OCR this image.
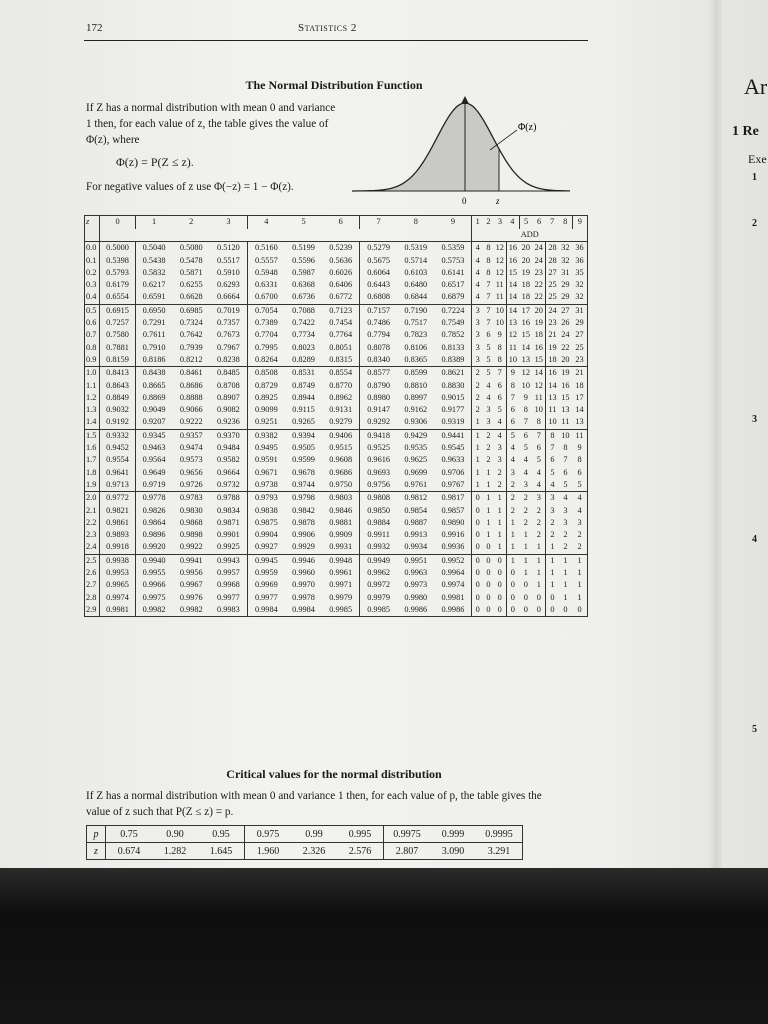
172	Statistics 2
The Normal Distribution Function
If Z has a normal distribution with mean 0 and variance 1 then, for each value of z, the table gives the value of Φ(z), where
Φ(z) = P(Z ≤ z).
For negative values of z use Φ(−z) = 1 − Φ(z).
Φ(z)
0	z
z	0	1	2	3	4	5	6	7	8	9	1	2	3	4	5	6	7	8	9
											ADD								
0.0	0.5000	0.5040	0.5080	0.5120	0.5160	0.5199	0.5239	0.5279	0.5319	0.5359	4	8	12	16	20	24	28	32	36
0.1	0.5398	0.5438	0.5478	0.5517	0.5557	0.5596	0.5636	0.5675	0.5714	0.5753	4	8	12	16	20	24	28	32	36
0.2	0.5793	0.5832	0.5871	0.5910	0.5948	0.5987	0.6026	0.6064	0.6103	0.6141	4	8	12	15	19	23	27	31	35
0.3	0.6179	0.6217	0.6255	0.6293	0.6331	0.6368	0.6406	0.6443	0.6480	0.6517	4	7	11	14	18	22	25	29	32
0.4	0.6554	0.6591	0.6628	0.6664	0.6700	0.6736	0.6772	0.6808	0.6844	0.6879	4	7	11	14	18	22	25	29	32
0.5	0.6915	0.6950	0.6985	0.7019	0.7054	0.7088	0.7123	0.7157	0.7190	0.7224	3	7	10	14	17	20	24	27	31
0.6	0.7257	0.7291	0.7324	0.7357	0.7389	0.7422	0.7454	0.7486	0.7517	0.7549	3	7	10	13	16	19	23	26	29
0.7	0.7580	0.7611	0.7642	0.7673	0.7704	0.7734	0.7764	0.7794	0.7823	0.7852	3	6	9	12	15	18	21	24	27
0.8	0.7881	0.7910	0.7939	0.7967	0.7995	0.8023	0.8051	0.8078	0.8106	0.8133	3	5	8	11	14	16	19	22	25
0.9	0.8159	0.8186	0.8212	0.8238	0.8264	0.8289	0.8315	0.8340	0.8365	0.8389	3	5	8	10	13	15	18	20	23
1.0	0.8413	0.8438	0.8461	0.8485	0.8508	0.8531	0.8554	0.8577	0.8599	0.8621	2	5	7	9	12	14	16	19	21
1.1	0.8643	0.8665	0.8686	0.8708	0.8729	0.8749	0.8770	0.8790	0.8810	0.8830	2	4	6	8	10	12	14	16	18
1.2	0.8849	0.8869	0.8888	0.8907	0.8925	0.8944	0.8962	0.8980	0.8997	0.9015	2	4	6	7	9	11	13	15	17
1.3	0.9032	0.9049	0.9066	0.9082	0.9099	0.9115	0.9131	0.9147	0.9162	0.9177	2	3	5	6	8	10	11	13	14
1.4	0.9192	0.9207	0.9222	0.9236	0.9251	0.9265	0.9279	0.9292	0.9306	0.9319	1	3	4	6	7	8	10	11	13
1.5	0.9332	0.9345	0.9357	0.9370	0.9382	0.9394	0.9406	0.9418	0.9429	0.9441	1	2	4	5	6	7	8	10	11
1.6	0.9452	0.9463	0.9474	0.9484	0.9495	0.9505	0.9515	0.9525	0.9535	0.9545	1	2	3	4	5	6	7	8	9
1.7	0.9554	0.9564	0.9573	0.9582	0.9591	0.9599	0.9608	0.9616	0.9625	0.9633	1	2	3	4	4	5	6	7	8
1.8	0.9641	0.9649	0.9656	0.9664	0.9671	0.9678	0.9686	0.9693	0.9699	0.9706	1	1	2	3	4	4	5	6	6
1.9	0.9713	0.9719	0.9726	0.9732	0.9738	0.9744	0.9750	0.9756	0.9761	0.9767	1	1	2	2	3	4	4	5	5
2.0	0.9772	0.9778	0.9783	0.9788	0.9793	0.9798	0.9803	0.9808	0.9812	0.9817	0	1	1	2	2	3	3	4	4
2.1	0.9821	0.9826	0.9830	0.9834	0.9838	0.9842	0.9846	0.9850	0.9854	0.9857	0	1	1	2	2	2	3	3	4
2.2	0.9861	0.9864	0.9868	0.9871	0.9875	0.9878	0.9881	0.9884	0.9887	0.9890	0	1	1	1	2	2	2	3	3
2.3	0.9893	0.9896	0.9898	0.9901	0.9904	0.9906	0.9909	0.9911	0.9913	0.9916	0	1	1	1	1	2	2	2	2
2.4	0.9918	0.9920	0.9922	0.9925	0.9927	0.9929	0.9931	0.9932	0.9934	0.9936	0	0	1	1	1	1	1	2	2
2.5	0.9938	0.9940	0.9941	0.9943	0.9945	0.9946	0.9948	0.9949	0.9951	0.9952	0	0	0	1	1	1	1	1	1
2.6	0.9953	0.9955	0.9956	0.9957	0.9959	0.9960	0.9961	0.9962	0.9963	0.9964	0	0	0	0	1	1	1	1	1
2.7	0.9965	0.9966	0.9967	0.9968	0.9969	0.9970	0.9971	0.9972	0.9973	0.9974	0	0	0	0	0	1	1	1	1
2.8	0.9974	0.9975	0.9976	0.9977	0.9977	0.9978	0.9979	0.9979	0.9980	0.9981	0	0	0	0	0	0	0	1	1
2.9	0.9981	0.9982	0.9982	0.9983	0.9984	0.9984	0.9985	0.9985	0.9986	0.9986	0	0	0	0	0	0	0	0	0
Critical values for the normal distribution
If Z has a normal distribution with mean 0 and variance 1 then, for each value of p, the table gives the value of z such that P(Z ≤ z) = p.
p	0.75	0.90	0.95	0.975	0.99	0.995	0.9975	0.999	0.9995
z	0.674	1.282	1.645	1.960	2.326	2.576	2.807	3.090	3.291
Ar
1 Re
Exe
1
2
3
4
5
